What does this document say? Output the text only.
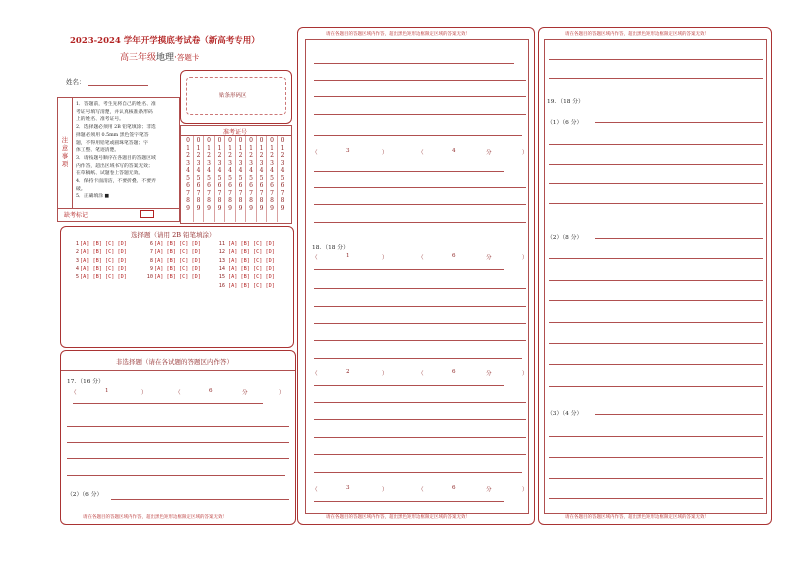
2023-2024 学年开学摸底考试卷（新高考专用）
高三年级地理·答题卡
姓名：
贴条形码区
注意事项
1．答题前，考生先将自己的姓名、准
考证号填写清楚，并认真核准条形码
上的姓名、准考证号。
2．选择题必须用 2B 铅笔填涂；非选
择题必须用 0.5mm 黑色签字笔答
题，不得用铅笔或圆珠笔答题；字
体工整、笔迹清楚。
3．请按题号顺序在各题目的答题区域
内作答，超出区域书写的答案无效；
在草稿纸、试题卷上答题无效。
4．保持卡面清洁，不要折叠、不要弄
破。
5．正确填涂 ■
准考证号
0
1
2
3
4
5
6
7
8
9
0
1
2
3
4
5
6
7
8
9
0
1
2
3
4
5
6
7
8
9
0
1
2
3
4
5
6
7
8
9
0
1
2
3
4
5
6
7
8
9
0
1
2
3
4
5
6
7
8
9
0
1
2
3
4
5
6
7
8
9
0
1
2
3
4
5
6
7
8
9
0
1
2
3
4
5
6
7
8
9
0
1
2
3
4
5
6
7
8
9
缺考标记
选择题（请用 2B 铅笔填涂）
1 [A] [B] [C] [D]
2 [A] [B] [C] [D]
3 [A] [B] [C] [D]
4 [A] [B] [C] [D]
5 [A] [B] [C] [D]
6 [A] [B] [C] [D]
7 [A] [B] [C] [D]
8 [A] [B] [C] [D]
9 [A] [B] [C] [D]
10 [A] [B] [C] [D]
11 [A] [B] [C] [D]
12 [A] [B] [C] [D]
13 [A] [B] [C] [D]
14 [A] [B] [C] [D]
15 [A] [B] [C] [D]
16 [A] [B] [C] [D]
非选择题（请在各试题的答题区内作答）
17．（16 分）
（	1	）	（	6	分	）
（2）（6 分）
请在各题目的答题区域内作答，超出黑色矩形边框限定区域的答案无效！
请在各题目的答题区域内作答，超出黑色矩形边框限定区域的答案无效！
（	3	）	（	4	分	）
18．（18 分）
（	1	）	（	6	分	）
（	2	）	（	6	分	）
（	3	）	（	6	分	）
请在各题目的答题区域内作答，超出黑色矩形边框限定区域的答案无效！
请在各题目的答题区域内作答，超出黑色矩形边框限定区域的答案无效！
19．（18 分）
（1）（6 分）
（2）（8 分）
（3）（4 分）
请在各题目的答题区域内作答，超出黑色矩形边框限定区域的答案无效！
